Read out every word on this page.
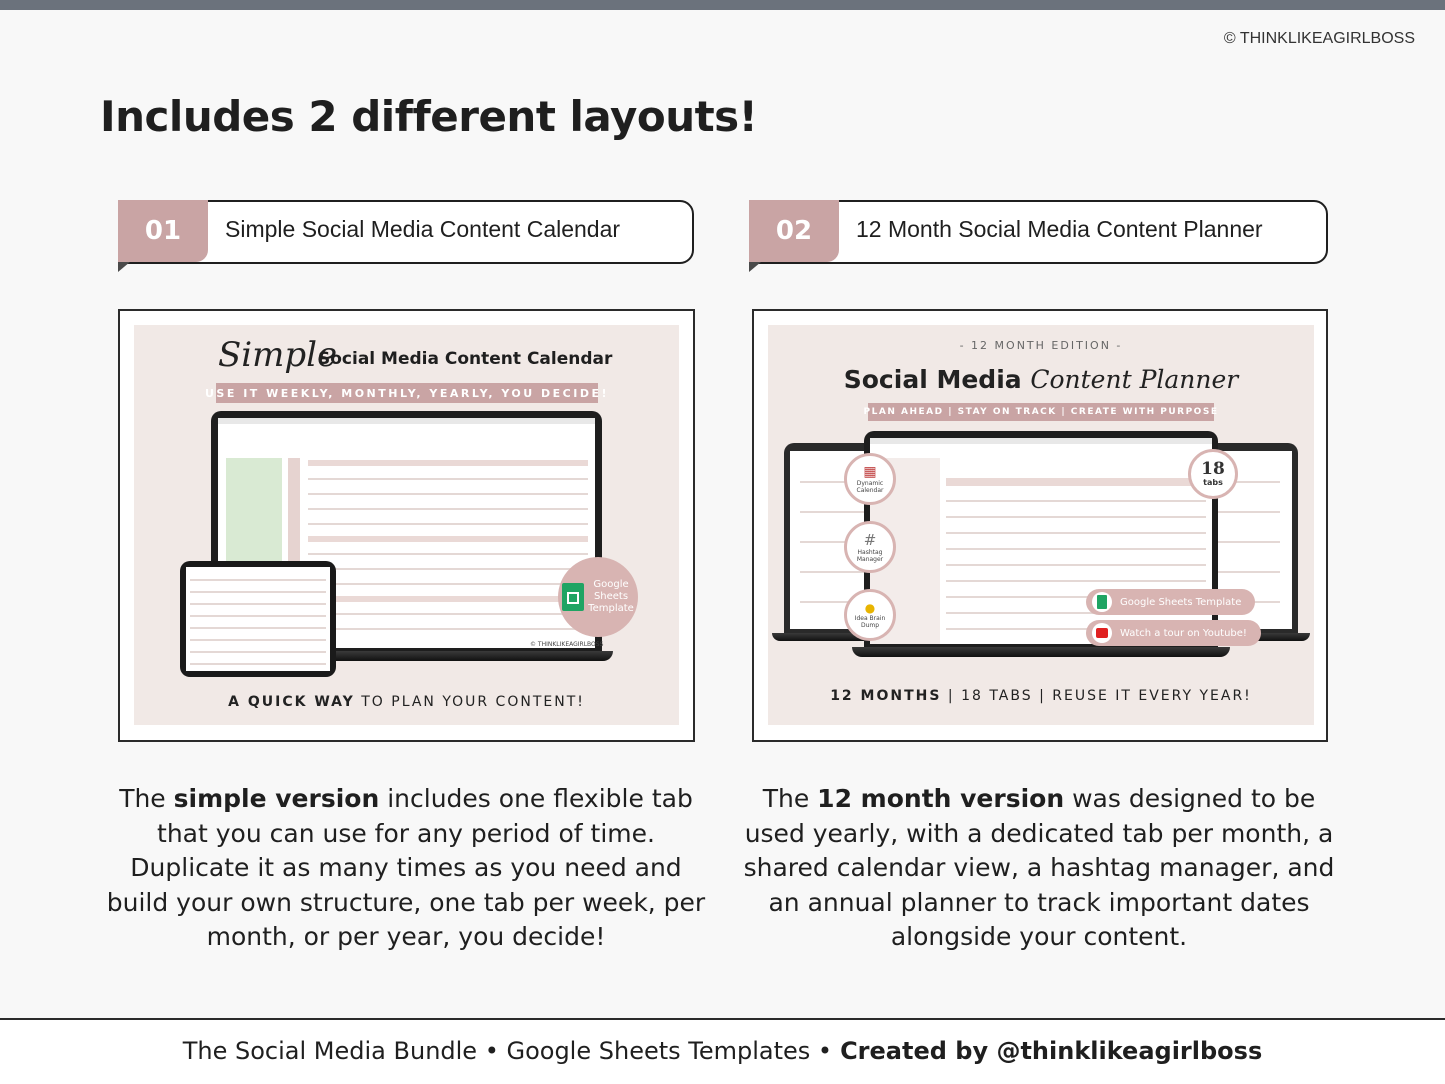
© THINKLIKEAGIRLBOSS
Includes 2 different layouts!
01	Simple Social Media Content Calendar	02	12 Month Social Media Content Planner
Simple
Social Media Content Calendar
USE IT WEEKLY, MONTHLY, YEARLY, YOU DECIDE!
Google Sheets Template
© THINKLIKEAGIRLBOSS
A QUICK WAY TO PLAN YOUR CONTENT!
- 12 MONTH EDITION -
Social Media Content Planner
PLAN AHEAD | STAY ON TRACK | CREATE WITH PURPOSE
▦
Dynamic Calendar
#
Hashtag Manager
●
Idea Brain Dump
18
tabs
Google Sheets Template
Watch a tour on Youtube!
12 MONTHS | 18 TABS | REUSE IT EVERY YEAR!
The simple version includes one flexible tab that you can use for any period of time. Duplicate it as many times as you need and build your own structure, one tab per week, per month, or per year, you decide!
The 12 month version was designed to be used yearly, with a dedicated tab per month, a shared calendar view, a hashtag manager, and an annual planner to track important dates alongside your content.
The Social Media Bundle • Google Sheets Templates • Created by @thinklikeagirlboss
